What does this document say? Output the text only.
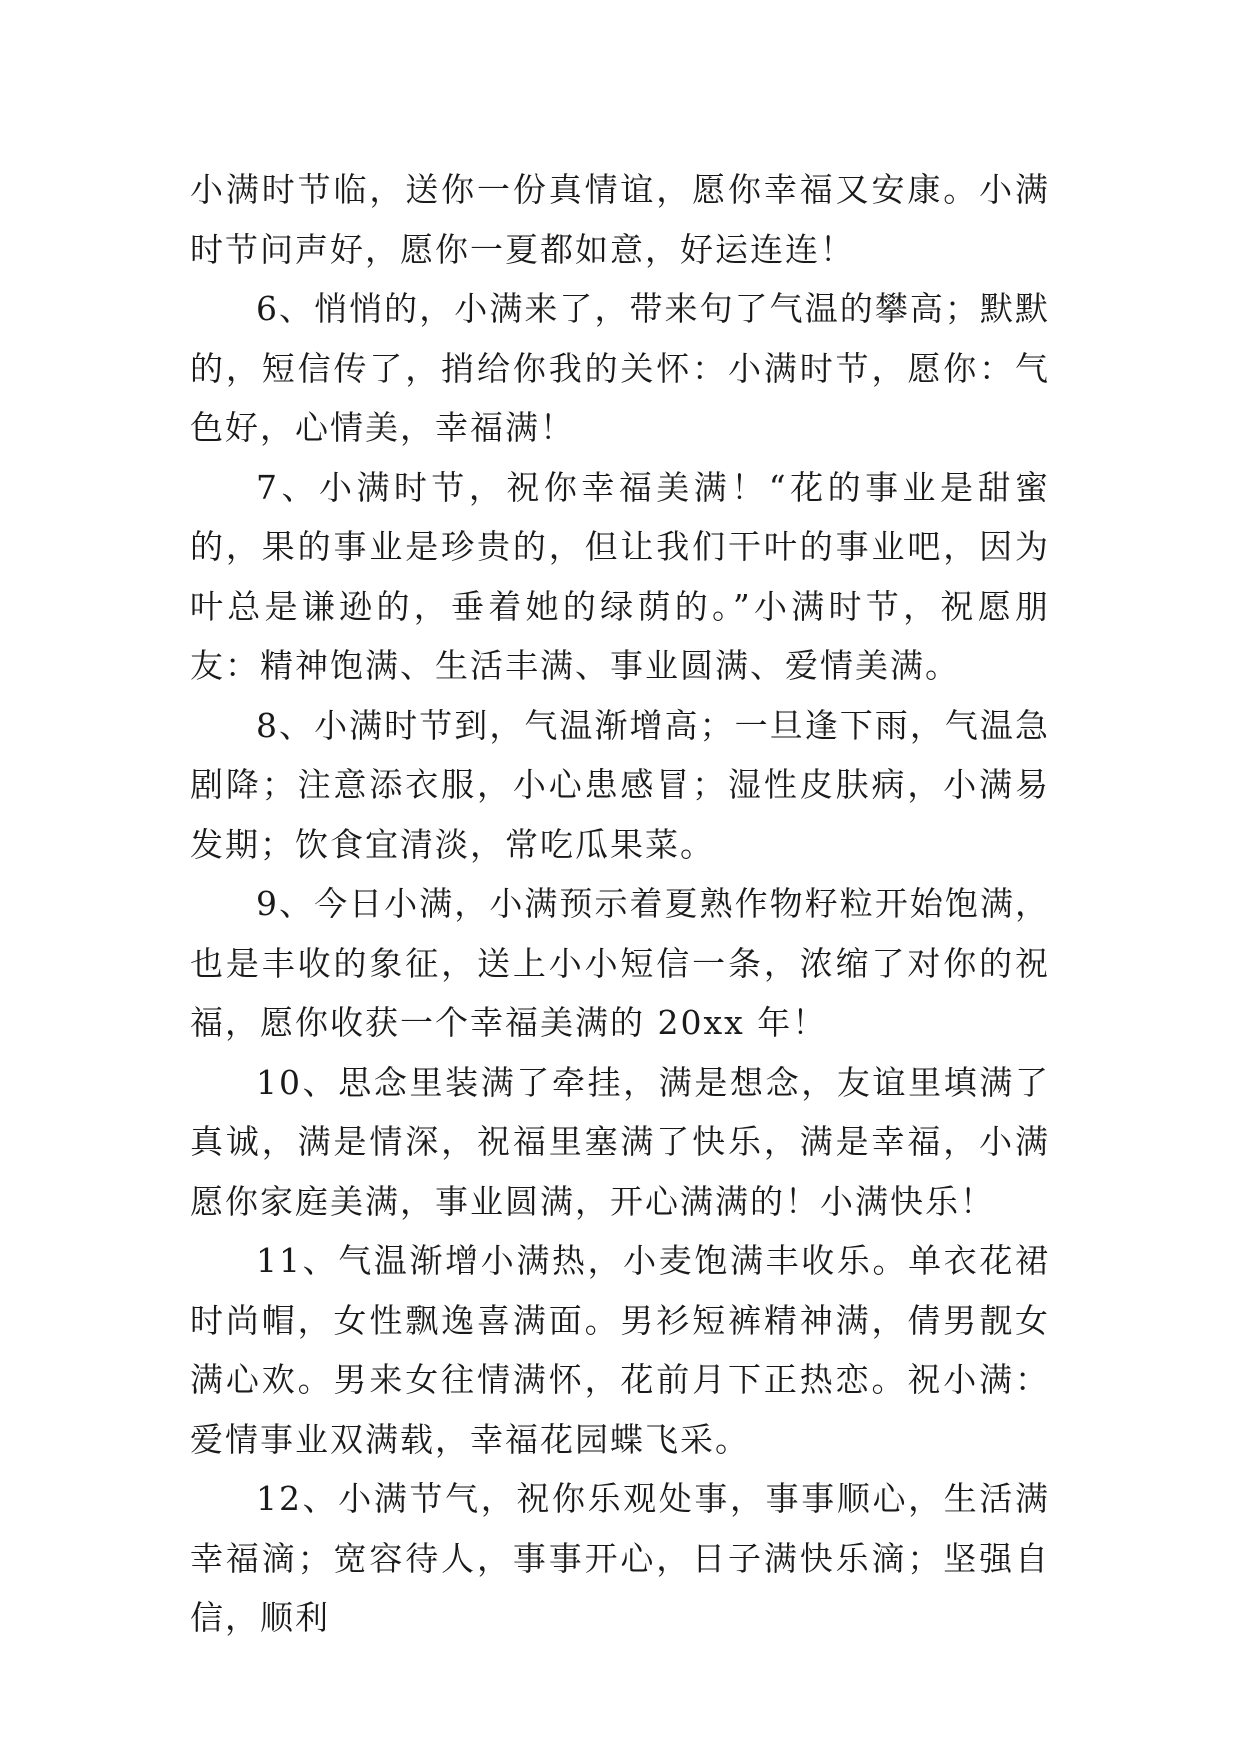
小满时节临，送你一份真情谊，愿你幸福又安康。小满时节问声好，愿你一夏都如意，好运连连！

6、悄悄的，小满来了，带来句了气温的攀高；默默的，短信传了，捎给你我的关怀：小满时节，愿你：气色好，心情美，幸福满！

7、小满时节，祝你幸福美满！“花的事业是甜蜜的，果的事业是珍贵的，但让我们干叶的事业吧，因为叶总是谦逊的，垂着她的绿荫的。”小满时节，祝愿朋友：精神饱满、生活丰满、事业圆满、爱情美满。

8、小满时节到，气温渐增高；一旦逢下雨，气温急剧降；注意添衣服，小心患感冒；湿性皮肤病，小满易发期；饮食宜清淡，常吃瓜果菜。

9、今日小满，小满预示着夏熟作物籽粒开始饱满，也是丰收的象征，送上小小短信一条，浓缩了对你的祝福，愿你收获一个幸福美满的 20xx 年！

10、思念里装满了牵挂，满是想念，友谊里填满了真诚，满是情深，祝福里塞满了快乐，满是幸福，小满愿你家庭美满，事业圆满，开心满满的！小满快乐！

11、气温渐增小满热，小麦饱满丰收乐。单衣花裙时尚帽，女性飘逸喜满面。男衫短裤精神满，倩男靓女满心欢。男来女往情满怀，花前月下正热恋。祝小满：爱情事业双满载，幸福花园蝶飞采。

12、小满节气，祝你乐观处事，事事顺心，生活满幸福滴；宽容待人，事事开心，日子满快乐滴；坚强自信，顺利
